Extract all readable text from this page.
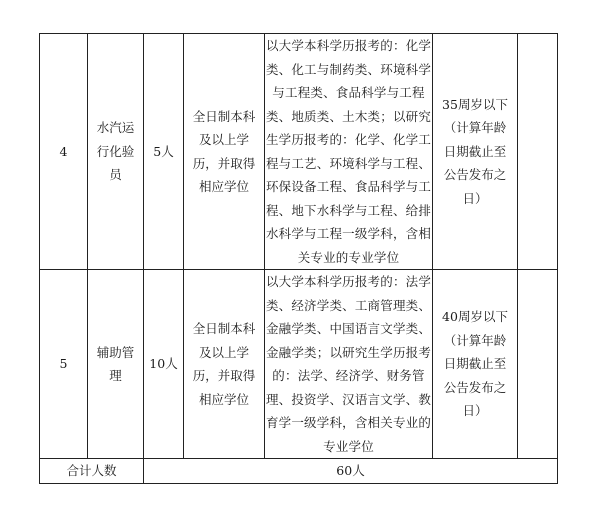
4	水汽运
行化验
员	5人	全日制本科
及以上学
历，并取得
相应学位	以大学本科学历报考的：化学类、化工与制药类、环境科学与工程类、食品科学与工程类、地质类、土木类；以研究生学历报考的：化学、化学工程与工艺、环境科学与工程、环保设备工程、食品科学与工程、地下水科学与工程、给排水科学与工程一级学科，含相关专业的专业学位	35周岁以下
（计算年龄
日期截止至
公告发布之
日）	

5	辅助管
理	10人	全日制本科
及以上学
历，并取得
相应学位	以大学本科学历报考的：法学类、经济学类、工商管理类、金融学类、中国语言文学类、金融学类；以研究生学历报考的：法学、经济学、财务管理、投资学、汉语言文学、教育学一级学科，含相关专业的专业学位	40周岁以下
（计算年龄
日期截止至
公告发布之
日）	

合计人数		60人				
